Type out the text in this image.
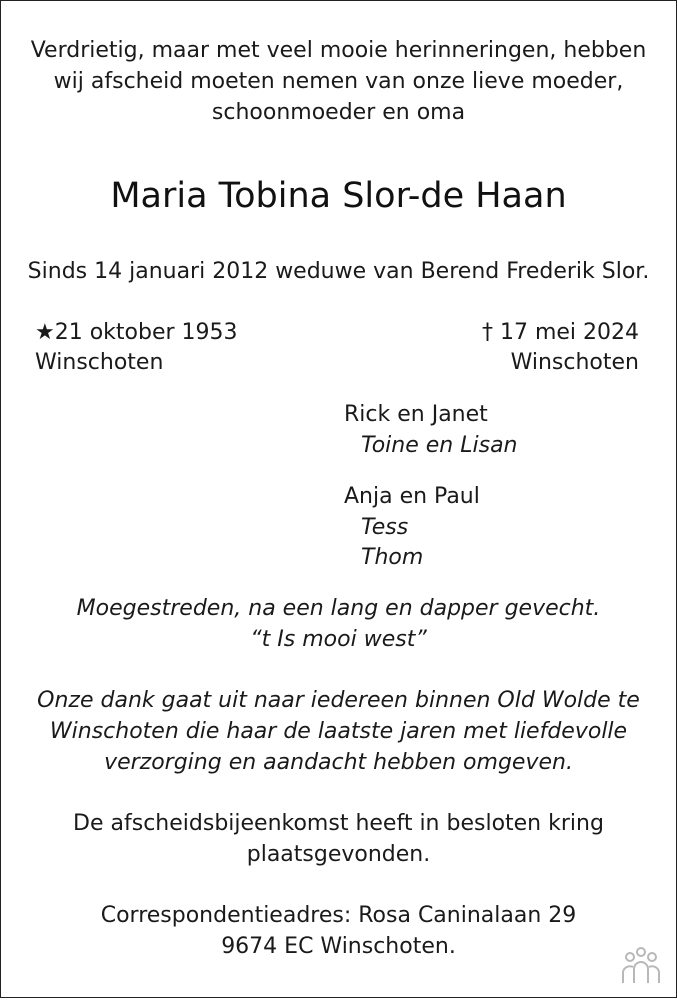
Verdrietig, maar met veel mooie herinneringen, hebben
wij afscheid moeten nemen van onze lieve moeder,
schoonmoeder en oma
Maria Tobina Slor-de Haan
Sinds 14 januari 2012 weduwe van Berend Frederik Slor.
★21 oktober 1953
Winschoten
† 17 mei 2024
Winschoten
Rick en Janet
Toine en Lisan
Anja en Paul
Tess
Thom
Moegestreden, na een lang en dapper gevecht.
“t Is mooi west”
Onze dank gaat uit naar iedereen binnen Old Wolde te
Winschoten die haar de laatste jaren met liefdevolle
verzorging en aandacht hebben omgeven.
De afscheidsbijeenkomst heeft in besloten kring
plaatsgevonden.
Correspondentieadres: Rosa Caninalaan 29
9674 EC Winschoten.
